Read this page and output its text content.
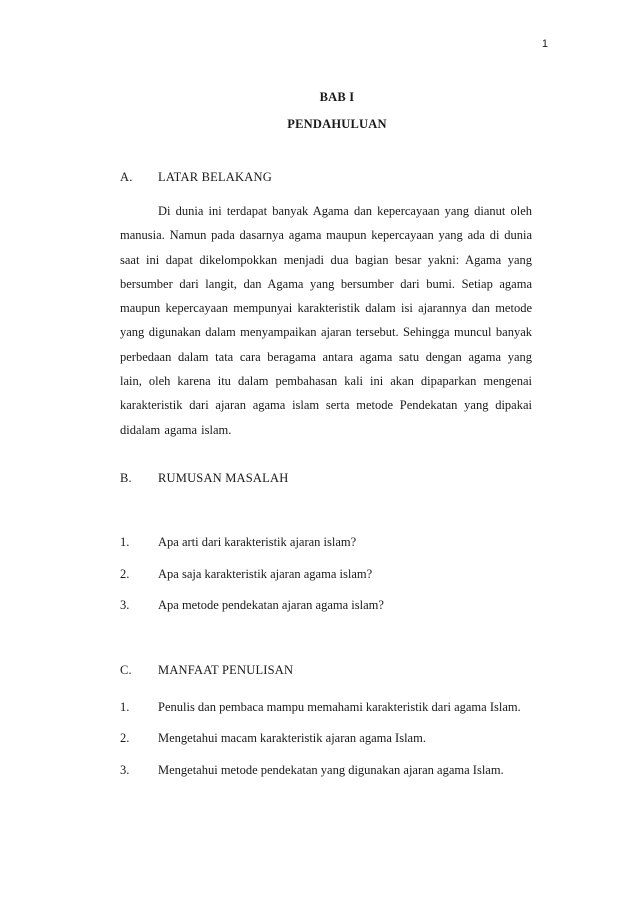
1
BAB I
PENDAHULUAN
A. LATAR BELAKANG
Di dunia ini terdapat banyak Agama dan kepercayaan yang dianut oleh manusia. Namun pada dasarnya agama maupun kepercayaan yang ada di dunia saat ini dapat dikelompokkan menjadi dua bagian besar yakni: Agama yang bersumber dari langit, dan Agama yang bersumber dari bumi. Setiap agama maupun kepercayaan mempunyai karakteristik dalam isi ajarannya dan metode yang digunakan dalam menyampaikan ajaran tersebut. Sehingga muncul banyak perbedaan dalam tata cara beragama antara agama satu dengan agama yang lain, oleh karena itu dalam pembahasan kali ini akan dipaparkan mengenai karakteristik dari ajaran agama islam serta metode Pendekatan yang dipakai didalam agama islam.
B. RUMUSAN MASALAH
1. Apa arti dari karakteristik ajaran islam?
2. Apa saja karakteristik ajaran agama islam?
3. Apa metode pendekatan ajaran agama islam?
C. MANFAAT PENULISAN
1. Penulis dan pembaca mampu memahami karakteristik dari agama Islam.
2. Mengetahui macam karakteristik ajaran agama Islam.
3. Mengetahui metode pendekatan yang digunakan ajaran agama Islam.
